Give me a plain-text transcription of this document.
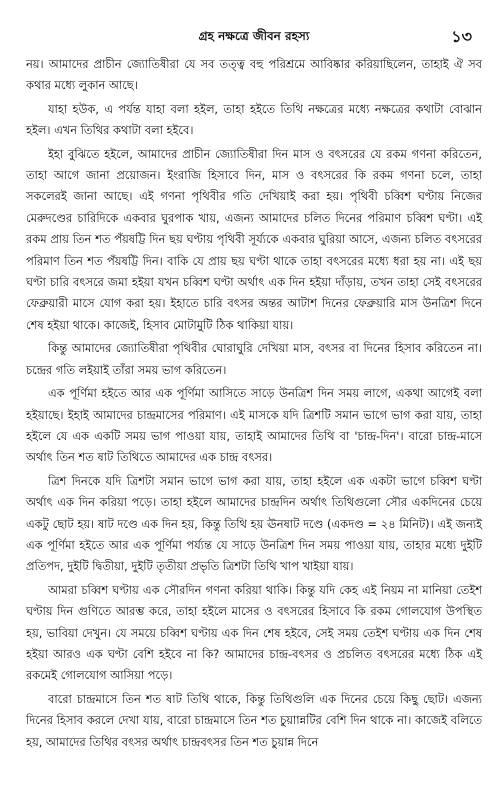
গ্রহ নক্ষত্রে জীবন রহস্য	১৩

নয়। আমাদের প্রাচীন জ্যোতিষীরা যে সব তত্ত্ব বহু পরিশ্রমে আবিষ্কার করিয়াছিলেন, তাহাই ঐ সব কথার মধ্যে লুকান আছে।

যাহা হউক, এ পর্যন্ত যাহা বলা হইল, তাহা হইতে তিথি নক্ষত্রের মধ্যে নক্ষত্রের কথাটা বোঝান হইল। এখন তিথির কথাটা বলা হইবে।

ইহা বুঝিতে হইলে, আমাদের প্রাচীন জ্যোতিষীরা দিন মাস ও বৎসরের যে রকম গণনা করিতেন, তাহা আগে জানা প্রয়োজন। ইংরাজি হিসাবে দিন, মাস ও বৎসরের কি রকম গণনা চলে, তাহা সকলেরই জানা আছে। এই গণনা পৃথিবীর গতি দেখিয়াই করা হয়। পৃথিবী চব্বিশ ঘণ্টায় নিজের মেরুদণ্ডের চারিদিকে একবার ঘুরপাক খায়, এজন্য আমাদের চলিত দিনের পরিমাণ চব্বিশ ঘণ্টা। এই রকম প্রায় তিন শত পঁয়ষট্টি দিন ছয় ঘণ্টায় পৃথিবী সূর্য্যকে একবার ঘুরিয়া আসে, এজন্য চলিত বৎসরের পরিমাণ তিন শত পঁয়ষট্টি দিন। বাকি যে প্রায় ছয় ঘণ্টা থাকে তাহা বৎসরের মধ্যে ধরা হয় না। এই ছয় ঘণ্টা চারি বৎসরে জমা হইয়া যখন চব্বিশ ঘণ্টা অর্থাৎ এক দিন হইয়া দাঁড়ায়, তখন তাহা সেই বৎসরের ফেব্রুয়ারী মাসে যোগ করা হয়। ইহাতে চারি বৎসর অন্তর আটাশ দিনের ফেব্রুয়ারি মাস উনত্রিশ দিনে শেষ হইয়া থাকে। কাজেই, হিসাব মোটামুটি ঠিক থাকিয়া যায়।

কিন্তু আমাদের জ্যোতিষীরা পৃথিবীর ঘোরাঘুরি দেখিয়া মাস, বৎসর বা দিনের হিসাব করিতেন না। চন্দ্রের গতি লইয়াই তাঁরা সময় ভাগ করিতেন।

এক পূর্ণিমা হইতে আর এক পূর্ণিমা আসিতে সাড়ে উনত্রিশ দিন সময় লাগে, একথা আগেই বলা হইয়াছে। ইহাই আমাদের চান্দ্রমাসের পরিমাণ। এই মাসকে যদি ত্রিশটি সমান ভাগে ভাগ করা যায়, তাহা হইলে যে এক একটি সময় ভাগ পাওয়া যায়, তাহাই আমাদের তিথি বা 'চান্দ্র-দিন'। বারো চান্দ্র-মাসে অর্থাৎ তিন শত ষাট তিথিতে আমাদের এক চান্দ্র বৎসর।

ত্রিশ দিনকে যদি ত্রিশটা সমান ভাগে ভাগ করা যায়, তাহা হইলে এক একটা ভাগে চব্বিশ ঘণ্টা অর্থাৎ এক দিন করিয়া পড়ে। তাহা হইলে আমাদের চান্দ্রদিন অর্থাৎ তিথিগুলো সৌর একদিনের চেয়ে একটু ছোট হয়। ষাট দণ্ডে এক দিন হয়, কিন্তু তিথি হয় ঊনষাট দণ্ডে (একদণ্ড = ২৪ মিনিট)। এই জন্যই এক পূর্ণিমা হইতে আর এক পূর্ণিমা পর্য্যন্ত যে সাড়ে উনত্রিশ দিন সময় পাওয়া যায়, তাহার মধ্যে দুইটি প্রতিপদ, দুইটি দ্বিতীয়া, দুইটি তৃতীয়া প্রভৃতি ত্রিশটা তিথি খাপ খাইয়া যায়।

আমরা চব্বিশ ঘণ্টায় এক সৌরদিন গণনা করিয়া থাকি। কিন্তু যদি কেহ এই নিয়ম না মানিয়া তেইশ ঘণ্টায় দিন গুণিতে আরম্ভ করে, তাহা হইলে মাসের ও বৎসরের হিসাবে কি রকম গোলযোগ উপস্থিত হয়, ভাবিয়া দেখুন। যে সময়ে চব্বিশ ঘণ্টায় এক দিন শেষ হইবে, সেই সময় তেইশ ঘণ্টায় এক দিন শেষ হইয়া আরও এক ঘণ্টা বেশি হইবে না কি? আমাদের চান্দ্র-বৎসর ও প্রচলিত বৎসরের মধ্যে ঠিক এই রকমেই গোলযোগ আসিয়া পড়ে।

বারো চান্দ্রমাসে তিন শত ষাট তিথি থাকে, কিন্তু তিথিগুলি এক দিনের চেয়ে কিছু ছোট। এজন্য দিনের হিসাব করলে দেখা যায়, বারো চান্দ্রমাসে তিন শত চুয়াান্নটির বেশি দিন থাকে না। কাজেই বলিতে হয়, আমাদের তিথির বৎসর অর্থাৎ চান্দ্রবৎসর তিন শত চুয়ান্ন দিনে
